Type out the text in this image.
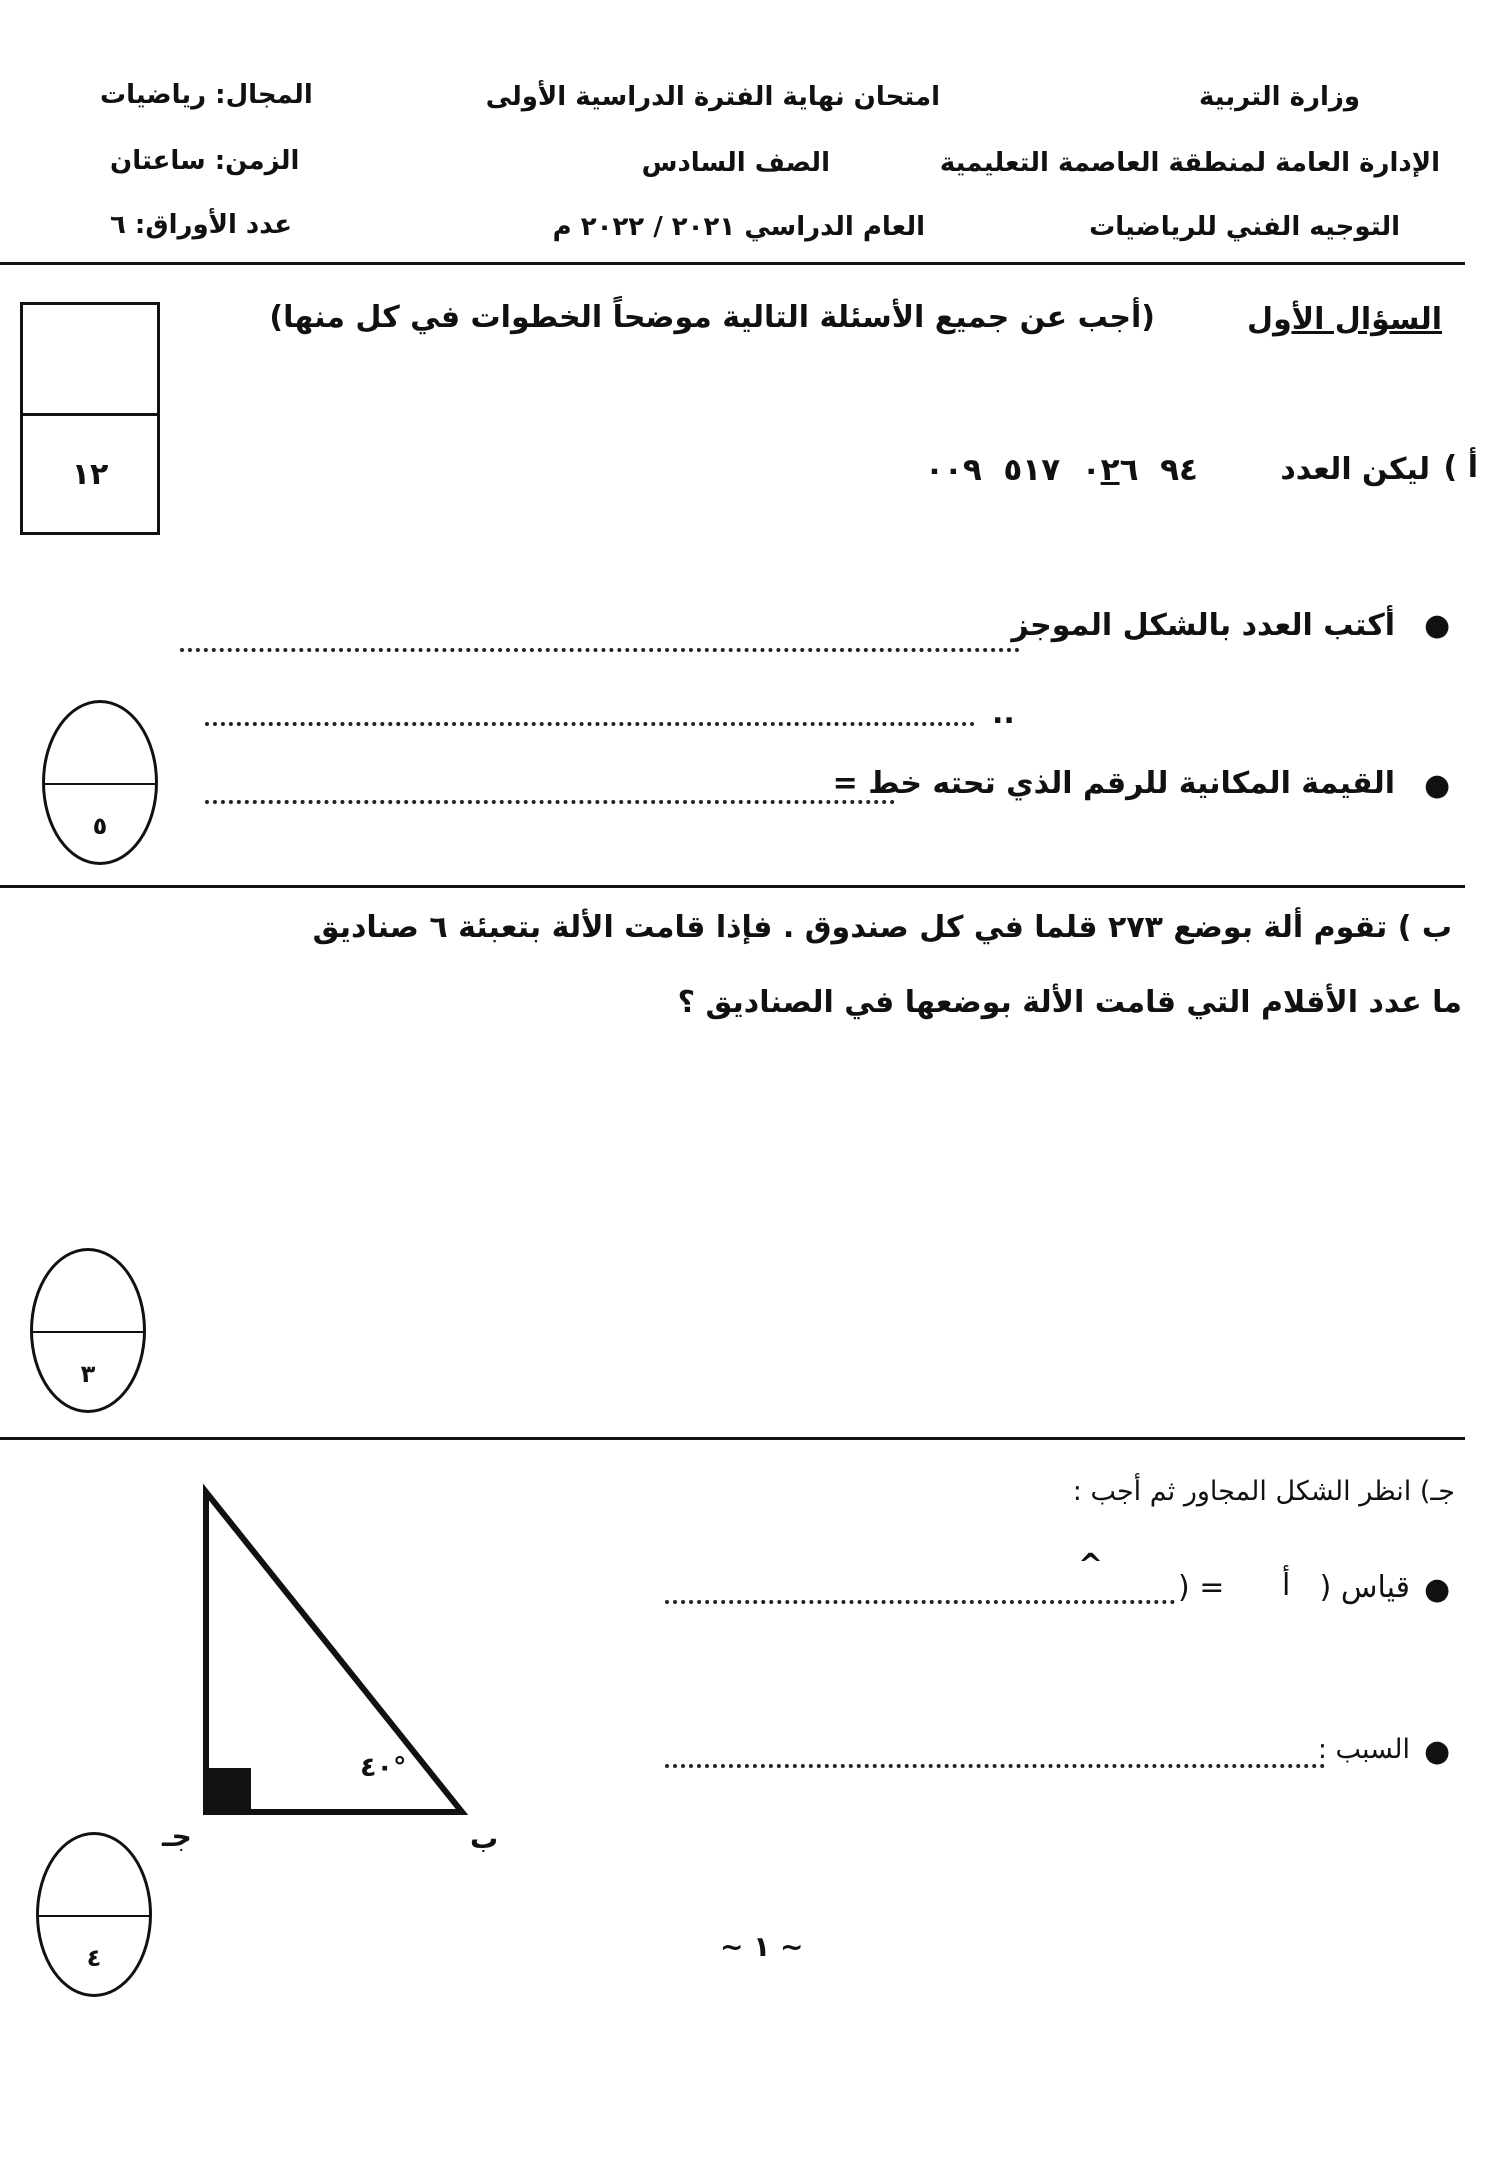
وزارة التربية
الإدارة العامة لمنطقة العاصمة التعليمية
التوجيه الفني للرياضيات
امتحان نهاية الفترة الدراسية الأولى
الصف السادس
العام الدراسي ٢٠٢١ / ٢٠٢٢ م
المجال: رياضيات
الزمن: ساعتان
عدد الأوراق: ٦
السؤال الأول
(أجب عن جميع الأسئلة التالية موضحاً الخطوات في كل منها)
١٢	أ )
ليكن العدد
٩٤  ٠٢٦  ٥١٧  ٠٠٩
●
أكتب العدد بالشكل الموجز
..
●
القيمة المكانية للرقم الذي تحته خط =
٥
ب ) تقوم ألة بوضع ٢٧٣ قلما في كل صندوق . فإذا قامت الألة بتعبئة ٦ صناديق
ما عدد الأقلام التي قامت الألة بوضعها في الصناديق ؟
٣
جـ) انظر الشكل المجاور ثم أجب :
●
قياس (
^
أ
) =
●
السبب :
٤٠°
ب
جـ
٤	~ ١ ~
